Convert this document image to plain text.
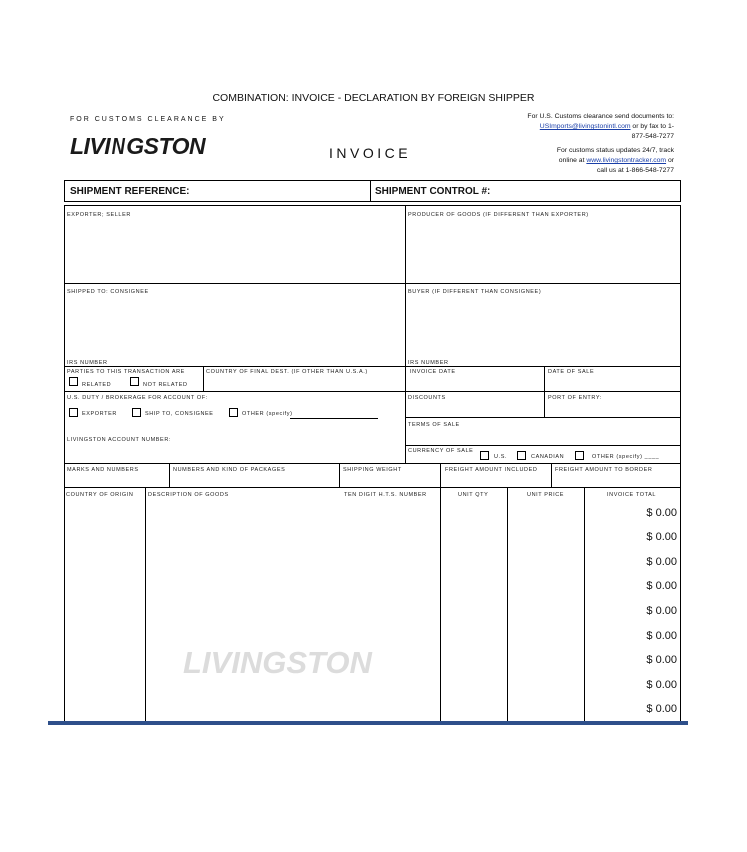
COMBINATION: INVOICE - DECLARATION BY FOREIGN SHIPPER
FOR CUSTOMS CLEARANCE BY
LIVINGSTON	INVOICE

For U.S. Customs clearance send documents to:
USImports@livingstonintl.com or by fax to 1-
877-548-7277

For customs status updates 24/7, track
online at www.livingstontracker.com or
call us at 1-866-548-7277

SHIPMENT REFERENCE:	SHIPMENT CONTROL #:
EXPORTER; SELLER	PRODUCER OF GOODS (IF DIFFERENT THAN EXPORTER)
SHIPPED TO: CONSIGNEE	BUYER (IF DIFFERENT THAN CONSIGNEE)
IRS NUMBER	IRS NUMBER
PARTIES TO THIS TRANSACTION ARE
RELATED	NOT RELATED
COUNTRY OF FINAL DEST. (IF OTHER THAN U.S.A.)	INVOICE DATE	DATE OF SALE
U.S. DUTY / BROKERAGE FOR ACCOUNT OF:
EXPORTER	SHIP TO, CONSIGNEE	OTHER (specify)
DISCOUNTS	PORT OF ENTRY:
LIVINGSTON ACCOUNT NUMBER:
TERMS OF SALE
CURRENCY OF SALE
U.S.	CANADIAN	OTHER (specify) ____
MARKS AND NUMBERS	NUMBERS AND KIND OF PACKAGES	SHIPPING WEIGHT	FREIGHT AMOUNT INCLUDED	FREIGHT AMOUNT TO BORDER
COUNTRY OF ORIGIN	DESCRIPTION OF GOODS	TEN DIGIT H.T.S. NUMBER	UNIT QTY	UNIT PRICE	INVOICE TOTAL
$ 0.00
$ 0.00
$ 0.00
$ 0.00
$ 0.00
$ 0.00
$ 0.00
$ 0.00
$ 0.00
LIVINGSTON
